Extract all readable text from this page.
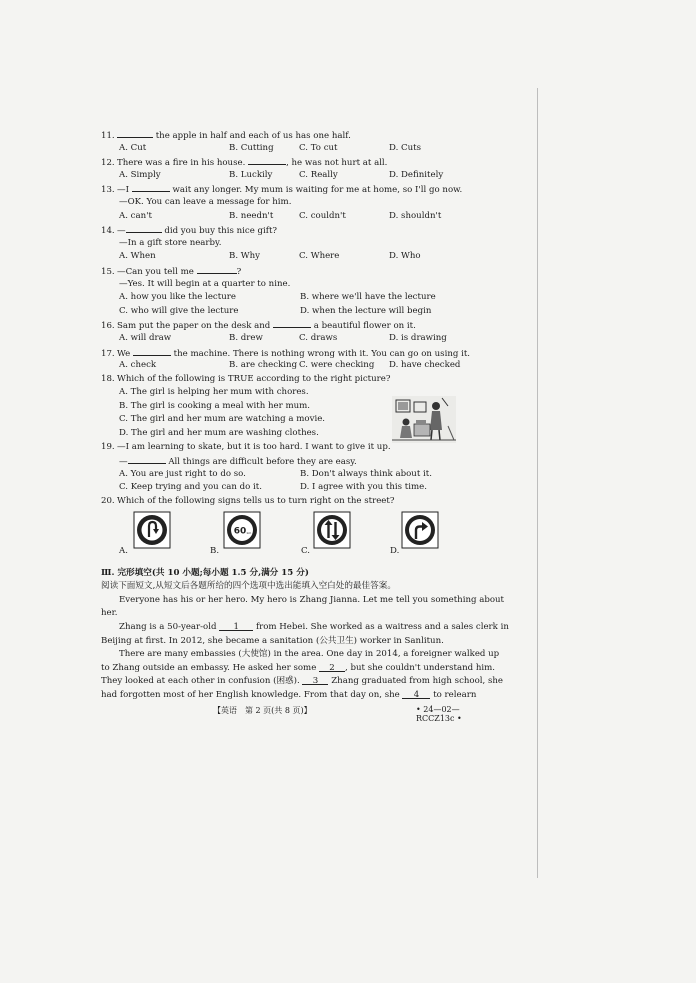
11.	the apple in half and each of us has one half.
A. Cut	B. Cutting	C. To cut	D. Cuts
12. There was a fire in his house.	, he was not hurt at all.
A. Simply	B. Luckily	C. Really	D. Definitely
13. —I	wait any longer. My mum is waiting for me at home, so I'll go now.
—OK. You can leave a message for him.
A. can't	B. needn't	C. couldn't	D. shouldn't
14. —	did you buy this nice gift?
—In a gift store nearby.
A. When	B. Why	C. Where	D. Who
15. —Can you tell me	?
—Yes. It will begin at a quarter to nine.
A. how you like the lecture	B. where we'll have the lecture
C. who will give the lecture	D. when the lecture will begin
16. Sam put the paper on the desk and	a beautiful flower on it.
A. will draw	B. drew	C. draws	D. is drawing
17. We	the machine. There is nothing wrong with it. You can go on using it.
A. check	B. are checking C. were checking D. have checked
18. Which of the following is TRUE according to the right picture?
A. The girl is helping her mum with chores.
B. The girl is cooking a meal with her mum.
C. The girl and her mum are watching a movie.
D. The girl and her mum are washing clothes.
19. —I am learning to skate, but it is too hard. I want to give it up.
—	All things are difficult before they are easy.
A. You are just right to do so.	B. Don't always think about it.
C. Keep trying and you can do it.	D. I agree with you this time.
20. Which of the following signs tells us to turn right on the street?
A.	B.
60 km
C.	D.
Ⅲ. 完形填空(共 10 小题;每小题 1.5 分,满分 15 分)
阅读下面短文,从短文后各题所给的四个选项中选出能填入空白处的最佳答案。
Everyone has his or her hero. My hero is Zhang Jianna. Let me tell you something about
her.
Zhang is a 50-year-old 1 from Hebei. She worked as a waitress and a sales clerk in
Beijing at first. In 2012, she became a sanitation (公共卫生) worker in Sanlitun.
There are many embassies (大使馆) in the area. One day in 2014, a foreigner walked up
to Zhang outside an embassy. He asked her some 2 , but she couldn't understand him.
They looked at each other in confusion (困惑). 3 Zhang graduated from high school, she
had forgotten most of her English knowledge. From that day on, she 4 to relearn
【英语　第 2 页(共 8 页)】	• 24—02—RCCZ13c •
